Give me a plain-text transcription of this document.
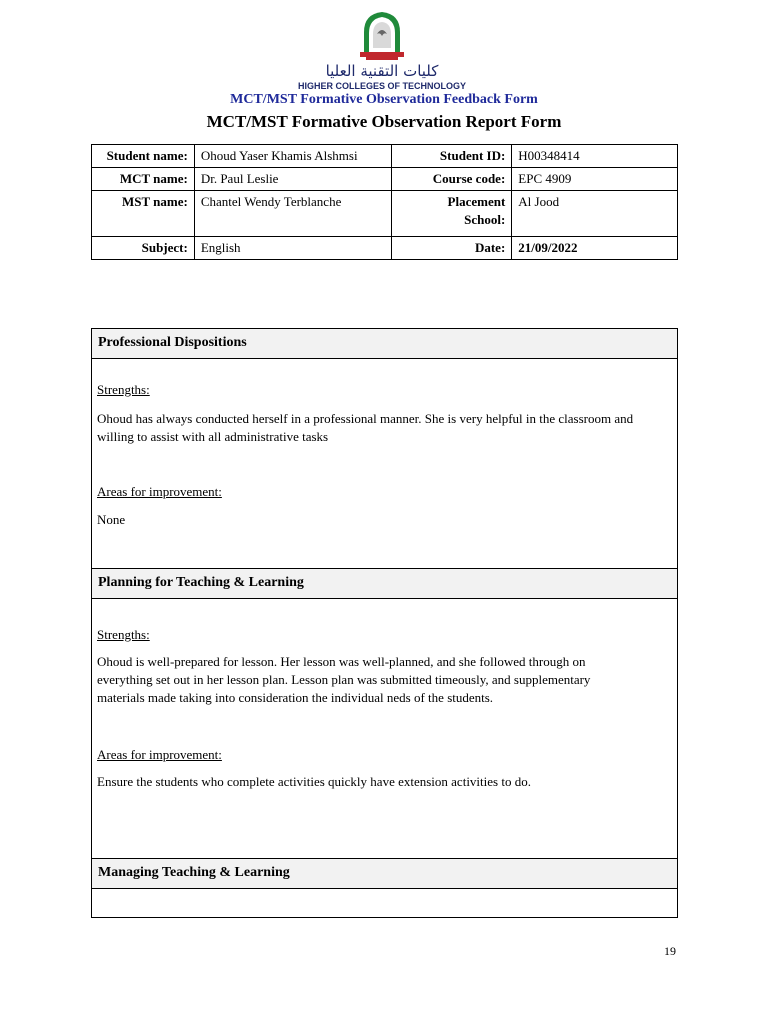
كليات التقنية العليا
HIGHER COLLEGES OF TECHNOLOGY
MCT/MST Formative Observation Feedback Form
MCT/MST Formative Observation Report Form
Student name:	Ohoud Yaser Khamis Alshmsi	Student ID:	H00348414
MCT name:	Dr. Paul Leslie	Course code:	EPC 4909
MST name:	Chantel Wendy Terblanche	Placement School:	Al Jood
Subject:	English	Date:	21/09/2022
Professional Dispositions
Strengths:
Ohoud has always conducted herself in a professional manner. She is very helpful in the classroom and willing to assist with all administrative tasks
Areas for improvement:
None
Planning for Teaching & Learning
Strengths:
Ohoud is well-prepared for lesson. Her lesson was well-planned, and she followed through on everything set out in her lesson plan. Lesson plan was submitted timeously, and supplementary materials made taking into consideration the individual neds of the students.
Areas for improvement:
Ensure the students who complete activities quickly have extension activities to do.
Managing Teaching & Learning
19
